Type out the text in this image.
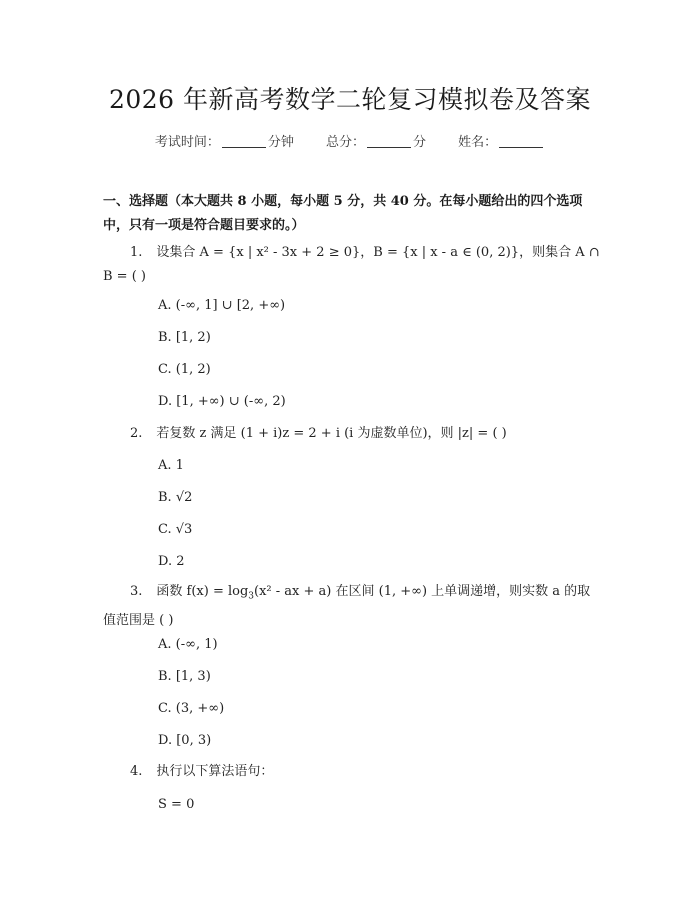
2026 年新高考数学二轮复习模拟卷及答案
考试时间：	分钟 总分：	分 姓名：
一、选择题（本大题共 8 小题，每小题 5 分，共 40 分。在每小题给出的四个选项中，只有一项是符合题目要求的。）
1. 设集合 A = {x | x² - 3x + 2 ≥ 0}，B = {x | x - a ∈ (0, 2)}，则集合 A ∩ B = ( )
A. (-∞, 1] ∪ [2, +∞)
B. [1, 2)
C. (1, 2)
D. [1, +∞) ∪ (-∞, 2)
2. 若复数 z 满足 (1 + i)z = 2 + i (i 为虚数单位)，则 |z| = ( )
A. 1
B. √2
C. √3
D. 2
3. 函数 $f(x) = \log_3(x^2$ - ax + a) 在区间 (1, +∞) 上单调递增，则实数 a 的取值范围是 ( )
A. (-∞, 1)
B. [1, 3)
C. (3, +∞)
D. [0, 3)
4. 执行以下算法语句：
S = 0
